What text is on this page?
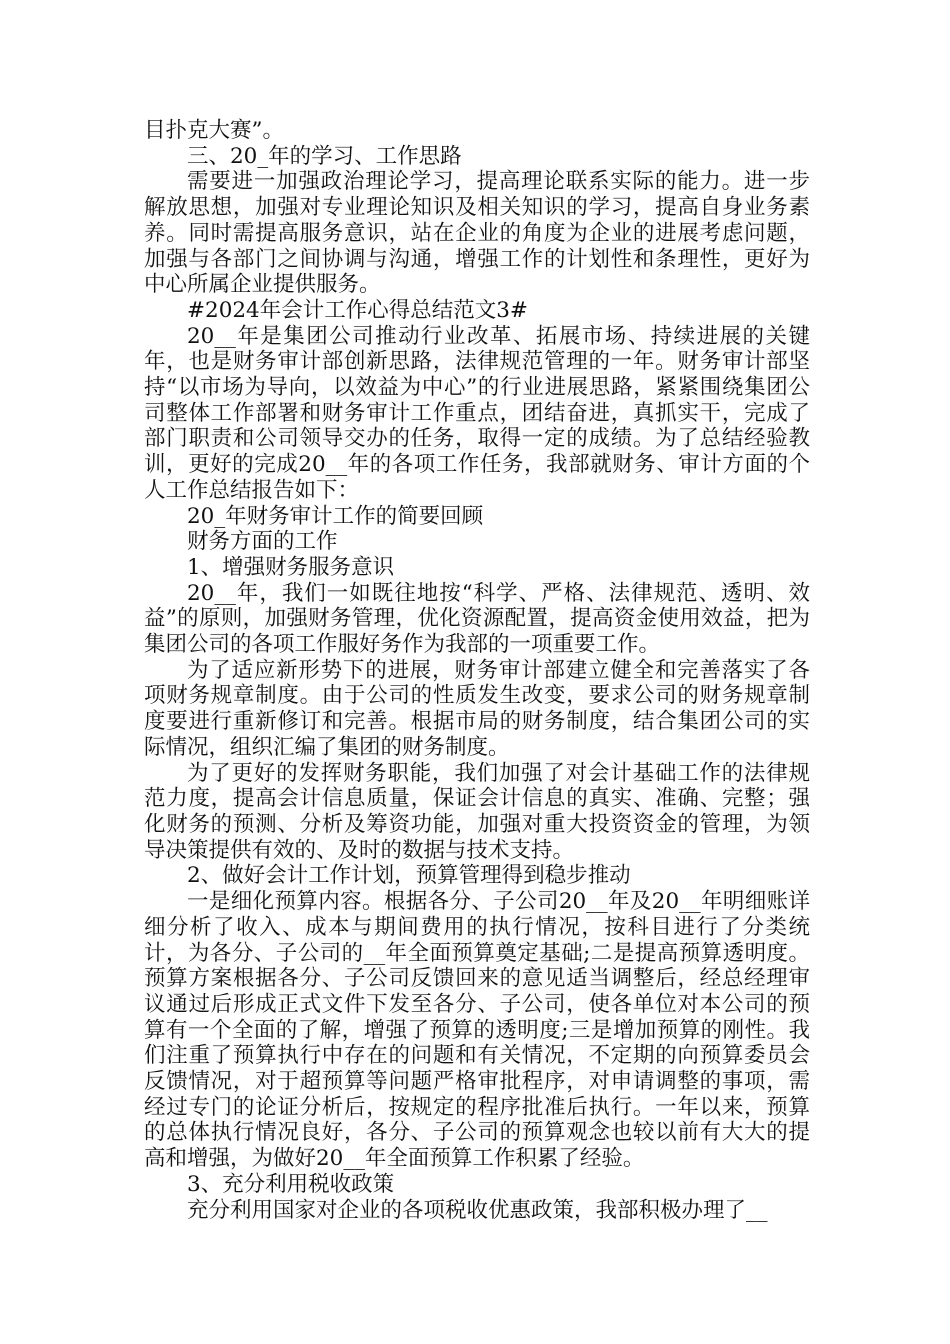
目扑克大赛”。

三、20_年的学习、工作思路

需要进一加强政治理论学习，提高理论联系实际的能力。进一步解放思想，加强对专业理论知识及相关知识的学习，提高自身业务素养。同时需提高服务意识，站在企业的角度为企业的进展考虑问题，加强与各部门之间协调与沟通，增强工作的计划性和条理性，更好为中心所属企业提供服务。

#2024年会计工作心得总结范文3#

20__年是集团公司推动行业改革、拓展市场、持续进展的关键年，也是财务审计部创新思路，法律规范管理的一年。财务审计部坚持“以市场为导向，以效益为中心”的行业进展思路，紧紧围绕集团公司整体工作部署和财务审计工作重点，团结奋进，真抓实干，完成了部门职责和公司领导交办的任务，取得一定的成绩。为了总结经验教训，更好的完成20__年的各项工作任务，我部就财务、审计方面的个人工作总结报告如下：

20_年财务审计工作的简要回顾

财务方面的工作

1、增强财务服务意识

20__年，我们一如既往地按“科学、严格、法律规范、透明、效益”的原则，加强财务管理，优化资源配置，提高资金使用效益，把为集团公司的各项工作服好务作为我部的一项重要工作。

为了适应新形势下的进展，财务审计部建立健全和完善落实了各项财务规章制度。由于公司的性质发生改变，要求公司的财务规章制度要进行重新修订和完善。根据市局的财务制度，结合集团公司的实际情况，组织汇编了集团的财务制度。

为了更好的发挥财务职能，我们加强了对会计基础工作的法律规范力度，提高会计信息质量，保证会计信息的真实、准确、完整；强化财务的预测、分析及筹资功能，加强对重大投资资金的管理，为领导决策提供有效的、及时的数据与技术支持。

2、做好会计工作计划，预算管理得到稳步推动

一是细化预算内容。根据各分、子公司20__年及20__年明细账详细分析了收入、成本与期间费用的执行情况，按科目进行了分类统计，为各分、子公司的__年全面预算奠定基础;二是提高预算透明度。预算方案根据各分、子公司反馈回来的意见适当调整后，经总经理审议通过后形成正式文件下发至各分、子公司，使各单位对本公司的预算有一个全面的了解，增强了预算的透明度;三是增加预算的刚性。我们注重了预算执行中存在的问题和有关情况，不定期的向预算委员会反馈情况，对于超预算等问题严格审批程序，对申请调整的事项，需经过专门的论证分析后，按规定的程序批准后执行。一年以来，预算的总体执行情况良好，各分、子公司的预算观念也较以前有大大的提高和增强，为做好20__年全面预算工作积累了经验。

3、充分利用税收政策

充分利用国家对企业的各项税收优惠政策，我部积极办理了__
